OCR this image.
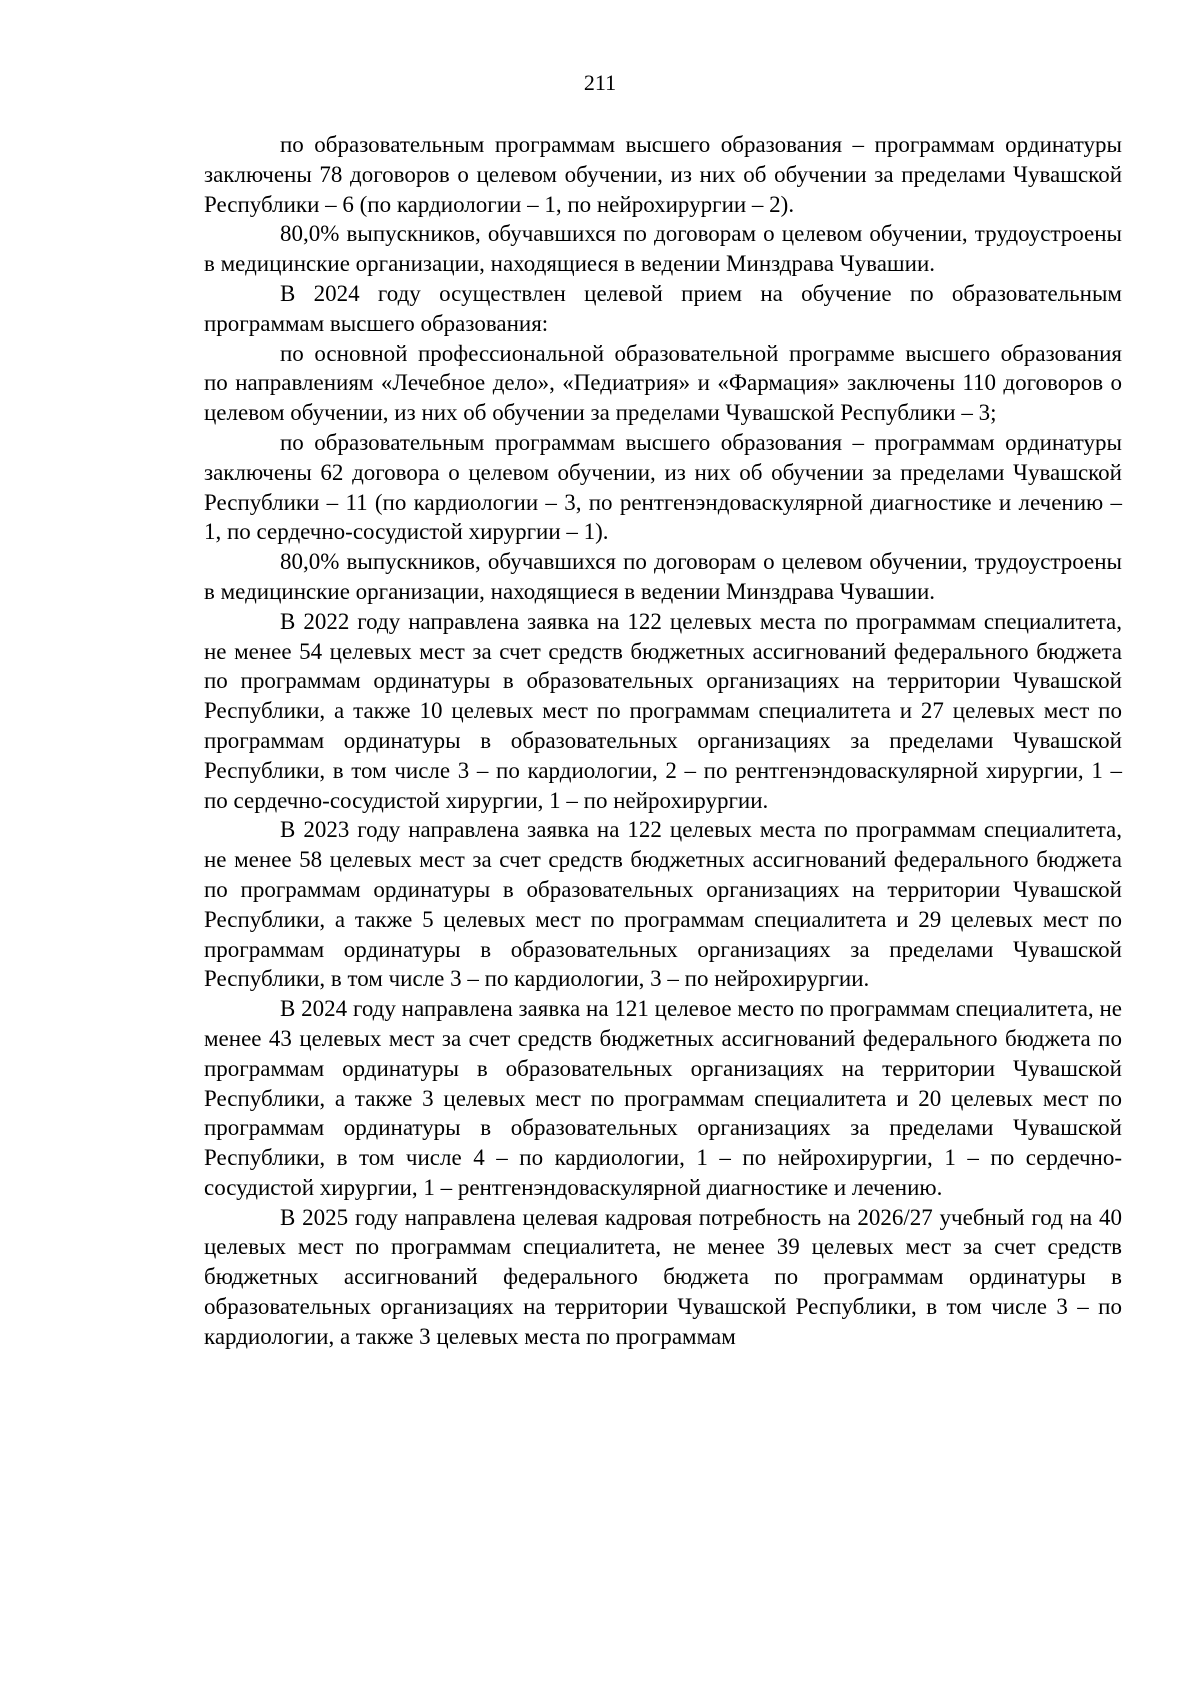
211

по образовательным программам высшего образования – программам ординатуры заключены 78 договоров о целевом обучении, из них об обучении за пределами Чувашской Республики – 6 (по кардиологии – 1, по нейрохирургии – 2).

80,0% выпускников, обучавшихся по договорам о целевом обучении, трудоустроены в медицинские организации, находящиеся в ведении Минздрава Чувашии.

В 2024 году осуществлен целевой прием на обучение по образовательным программам высшего образования:

по основной профессиональной образовательной программе высшего образования по направлениям «Лечебное дело», «Педиатрия» и «Фармация» заключены 110 договоров о целевом обучении, из них об обучении за пределами Чувашской Республики – 3;

по образовательным программам высшего образования – программам ординатуры заключены 62 договора о целевом обучении, из них об обучении за пределами Чувашской Республики – 11 (по кардиологии – 3, по рентгенэндоваскулярной диагностике и лечению – 1, по сердечно-сосудистой хирургии – 1).

80,0% выпускников, обучавшихся по договорам о целевом обучении, трудоустроены в медицинские организации, находящиеся в ведении Минздрава Чувашии.

В 2022 году направлена заявка на 122 целевых места по программам специалитета, не менее 54 целевых мест за счет средств бюджетных ассигнований федерального бюджета по программам ординатуры в образовательных организациях на территории Чувашской Республики, а также 10 целевых мест по программам специалитета и 27 целевых мест по программам ординатуры в образовательных организациях за пределами Чувашской Республики, в том числе 3 – по кардиологии, 2 – по рентгенэндоваскулярной хирургии, 1 – по сердечно-сосудистой хирургии, 1 – по нейрохирургии.

В 2023 году направлена заявка на 122 целевых места по программам специалитета, не менее 58 целевых мест за счет средств бюджетных ассигнований федерального бюджета по программам ординатуры в образовательных организациях на территории Чувашской Республики, а также 5 целевых мест по программам специалитета и 29 целевых мест по программам ординатуры в образовательных организациях за пределами Чувашской Республики, в том числе 3 – по кардиологии, 3 – по нейрохирургии.

В 2024 году направлена заявка на 121 целевое место по программам специалитета, не менее 43 целевых мест за счет средств бюджетных ассигнований федерального бюджета по программам ординатуры в образовательных организациях на территории Чувашской Республики, а также 3 целевых мест по программам специалитета и 20 целевых мест по программам ординатуры в образовательных организациях за пределами Чувашской Республики, в том числе 4 – по кардиологии, 1 – по нейрохирургии, 1 – по сердечно-сосудистой хирургии, 1 – рентгенэндоваскулярной диагностике и лечению.

В 2025 году направлена целевая кадровая потребность на 2026/27 учебный год на 40 целевых мест по программам специалитета, не менее 39 целевых мест за счет средств бюджетных ассигнований федерального бюджета по программам ординатуры в образовательных организациях на территории Чувашской Республики, в том числе 3 – по кардиологии, а также 3 целевых места по программам
